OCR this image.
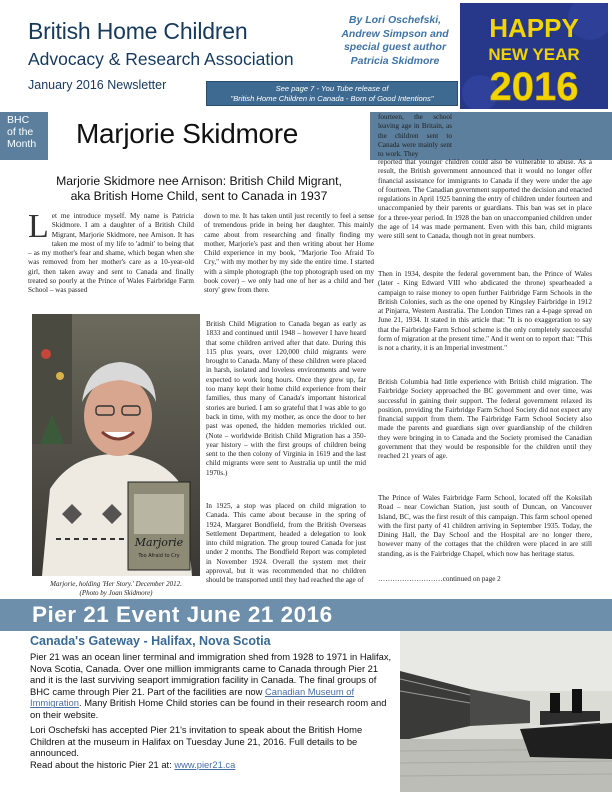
British Home Children
Advocacy & Research Association
January 2016 Newsletter
By Lori Oschefski,
Andrew Simpson and
special guest author
Patricia Skidmore
See page 7 - You Tube release of
"British Home Children in Canada - Born of Good Intentions"
HAPPY
NEW YEAR
2016
BHC
of the
Month	Marjorie Skidmore
Marjorie Skidmore nee Arnison: British Child Migrant,
aka British Home Child, sent to Canada in 1937
Let me introduce myself. My name is Patricia Skidmore. I am a daughter of a British Child Migrant, Marjorie Skidmore, nee Arnison. It has taken me most of my life to 'admit' to being that – as my mother's fear and shame, which began when she was removed from her mother's care as a 10-year-old girl, then taken away and sent to Canada and finally treated so poorly at the Prince of Wales Fairbridge Farm School – was passed
down to me. It has taken until just recently to feel a sense of tremendous pride in being her daughter. This mainly came about from researching and finally finding my mother, Marjorie's past and then writing about her Home Child experience in my book, "Marjorie Too Afraid To Cry," with my mother by my side the entire time. I started with a simple photograph (the top photograph used on my book cover) – we only had one of her as a child and 'her story' grew from there.
British Child Migration to Canada began as early as 1833 and continued until 1948 – however I have heard that some children arrived after that date. During this 115 plus years, over 120,000 child migrants were brought to Canada. Many of these children were placed in harsh, isolated and loveless environments and were expected to work long hours. Once they grew up, far too many kept their home child experience from their families, thus many of Canada's important historical stories are buried. I am so grateful that I was able to go back in time, with my mother, as once the door to her past was opened, the hidden memories trickled out. (Note – worldwide British Child Migration has a 350-year history – with the first groups of children being sent to the then colony of Virginia in 1619 and the last child migrants were sent to Australia up until the mid 1970s.)
In 1925, a stop was placed on child migration to Canada. This came about because in the spring of 1924, Margaret Bondfield, from the British Overseas Settlement Department, headed a delegation to look into child migration. The group toured Canada for just under 2 months. The Bondfield Report was completed in November 1924. Overall the system met their approval, but it was recommended that no children should be transported until they had reached the age of
fourteen, the school leaving age in Britain, as the children sent to Canada were mainly sent to work. They
reported that younger children could also be vulnerable to abuse. As a result, the British government announced that it would no longer offer financial assistance for immigrants to Canada if they were under the age of fourteen. The Canadian government supported the decision and enacted regulations in April 1925 banning the entry of children under fourteen and unaccompanied by their parents or guardians. This ban was set in place for a three-year period. In 1928 the ban on unaccompanied children under the age of 14 was made permanent. Even with this ban, child migrants were still sent to Canada, though not in great numbers.
Then in 1934, despite the federal government ban, the Prince of Wales (later - King Edward VIII who abdicated the throne) spearheaded a campaign to raise money to open further Fairbridge Farm Schools in the British Colonies, such as the one opened by Kingsley Fairbridge in 1912 at Pinjarra, Western Australia. The London Times ran a 4-page spread on June 21, 1934. It stated in this article that: "It is no exaggeration to say that the Fairbridge Farm School scheme is the only completely successful form of migration at the present time." And it went on to report that: "This is not a charity, it is an Imperial investment."
British Columbia had little experience with British child migration. The Fairbridge Society approached the BC government and over time, was successful in gaining their support. The federal government relaxed its position, providing the Fairbridge Farm School Society did not expect any financial support from them. The Fairbridge Farm School Society also made the parents and guardians sign over guardianship of the children they were bringing in to Canada and the Society promised the Canadian government that they would be responsible for the children until they reached 21 years of age.
The Prince of Wales Fairbridge Farm School, located off the Koksilah Road – near Cowichan Station, just south of Duncan, on Vancouver Island, BC, was the first result of this campaign. This farm school opened with the first party of 41 children arriving in September 1935. Today, the Dining Hall, the Day School and the Hospital are no longer there, however many of the cottages that the children were placed in are still standing, as is the Fairbridge Chapel, which now has heritage status.
………………………continued on page 2
Marjorie
Too Afraid to Cry
Marjorie, holding 'Her Story.' December 2012.
(Photo by Joan Skidmore)
Pier 21 Event June 21 2016
Canada's Gateway - Halifax, Nova Scotia
Pier 21 was an ocean liner terminal and immigration shed from 1928 to 1971 in Halifax, Nova Scotia, Canada. Over one million immigrants came to Canada through Pier 21 and it is the last surviving seaport immigration facility in Canada. The final groups of BHC came through Pier 21. Part of the facilities are now Canadian Museum of Immigration. Many British Home Child stories can be found in their research room and on their website.
Lori Oschefski has accepted Pier 21's invitation to speak about the British Home Children at the museum in Halifax on Tuesday June 21, 2016. Full details to be announced.
Read about the historic Pier 21 at: www.pier21.ca
